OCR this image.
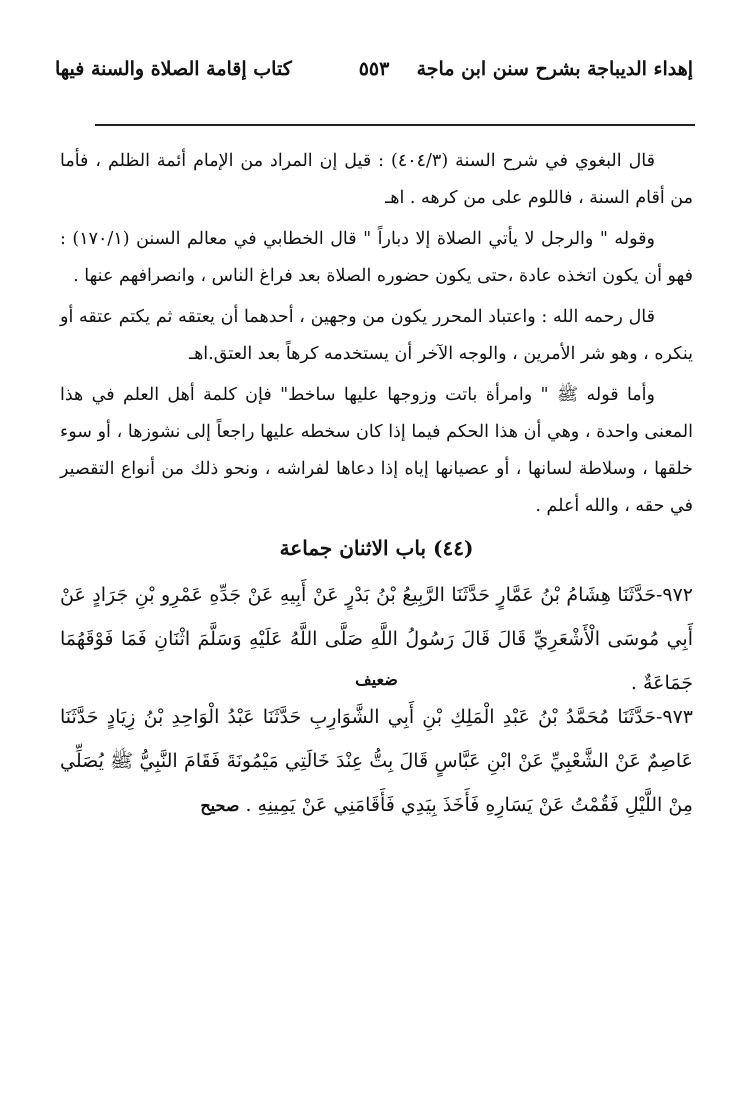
إهداء الديباجة بشرح سنن ابن ماجة
٥٥٣
كتاب إقامة الصلاة والسنة فيها

قال البغوي في شرح السنة (٤٠٤/٣) : قيل إن المراد من الإمام أئمة الظلم ، فأما من أقام السنة ، فاللوم على من كرهه . اهـ

وقوله " والرجل لا يأتي الصلاة إلا دباراً " قال الخطابي في معالم السنن (١٧٠/١) : فهو أن يكون اتخذه عادة ،حتى يكون حضوره الصلاة بعد فراغ الناس ، وانصرافهم عنها .

قال رحمه الله : واعتباد المحرر يكون من وجهين ، أحدهما أن يعتقه ثم يكتم عتقه أو ينكره ، وهو شر الأمرين ، والوجه الآخر أن يستخدمه كرهاً بعد العتق.اهـ

وأما قوله ﷺ " وامرأة باتت وزوجها عليها ساخط" فإن كلمة أهل العلم في هذا المعنى واحدة ، وهي أن هذا الحكم فيما إذا كان سخطه عليها راجعاً إلى نشوزها ، أو سوء خلقها ، وسلاطة لسانها ، أو عصيانها إياه إذا دعاها لفراشه ، ونحو ذلك من أنواع التقصير في حقه ، والله أعلم .

(٤٤) باب الاثنان جماعة

٩٧٢-حَدَّثَنَا هِشَامُ بْنُ عَمَّارٍ حَدَّثَنَا الرَّبِيعُ بْنُ بَدْرٍ عَنْ أَبِيهِ عَنْ جَدِّهِ عَمْرِو بْنِ جَرَادٍ عَنْ أَبِي مُوسَى الْأَشْعَرِيِّ قَالَ قَالَ رَسُولُ اللَّهِ صَلَّى اللَّهُ عَلَيْهِ وَسَلَّمَ اثْنَانِ فَمَا فَوْقَهُمَا جَمَاعَةٌ .

ضعيف

٩٧٣-حَدَّثَنَا مُحَمَّدُ بْنُ عَبْدِ الْمَلِكِ بْنِ أَبِي الشَّوَارِبِ حَدَّثَنَا عَبْدُ الْوَاحِدِ بْنُ زِيَادٍ حَدَّثَنَا عَاصِمٌ عَنْ الشَّعْبِيِّ عَنْ ابْنِ عَبَّاسٍ قَالَ بِتُّ عِنْدَ خَالَتِي مَيْمُونَةَ فَقَامَ النَّبِيُّ ﷺ يُصَلِّي مِنْ اللَّيْلِ فَقُمْتُ عَنْ يَسَارِهِ فَأَخَذَ بِيَدِي فَأَقَامَنِي عَنْ يَمِينِهِ . صحيح
